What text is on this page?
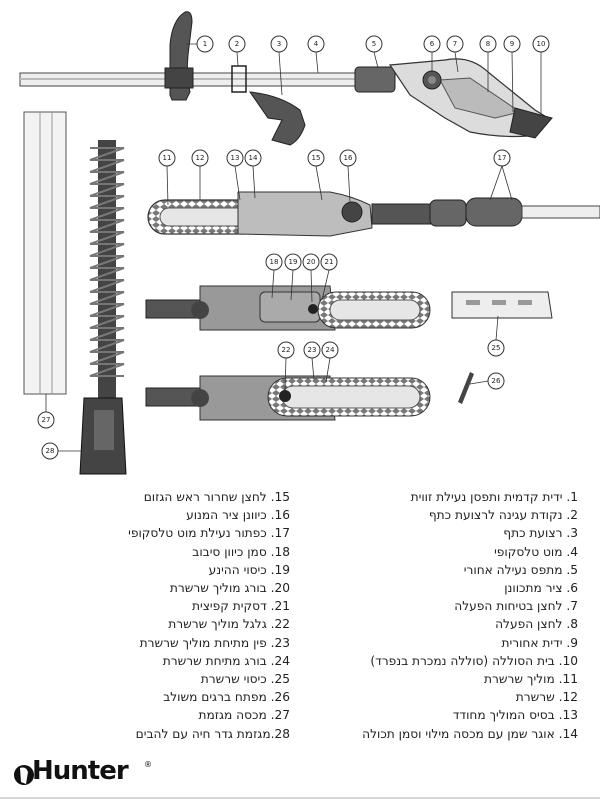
1	2	3	4	5	6	7	8	9	10
11	12	13 14	15	16	17
18 19 20 21
22 23 24	25
26
27
28
1. ידית קדמית ותפסן נעילת זווית
2. נקודת עגינה לרצועת כתף
3. רצועת כתף
4. מוט טלסקופי
5. מתפס נעילה אחורי
6. ציר מתכוונן
7. לחצן בטיחות הפעלה
8. לחצן הפעלה
9. ידית אחורית
10. בית הסוללה (סוללה נמכרת בנפרד)
11. מוליך שרשרת
12. שרשרת
13. בסיס המוליך מחודד
14. אוגר שמן עם מכסה מילוי וסמן תכולה
15. לחצן שחרור ראש הגזום
16. כיוונן ציר המנוע
17. כפתור נעילת מוט טלסקופי
18. סמן כיוון סיבוב
19. כיסוי ההינע
20. בורג מוליך שרשרת
21. דסקית קפיצית
22. גלגל מוליך שרשרת
23. פין מתיחת מוליך שרשרת
24. בורג מתיחת שרשרת
25. כיסוי שרשרת
26. מפתח ברגים משולב
27. מכסה מגזמת
28.מגזמת גדר חיה עם להבים
Hunter ®
